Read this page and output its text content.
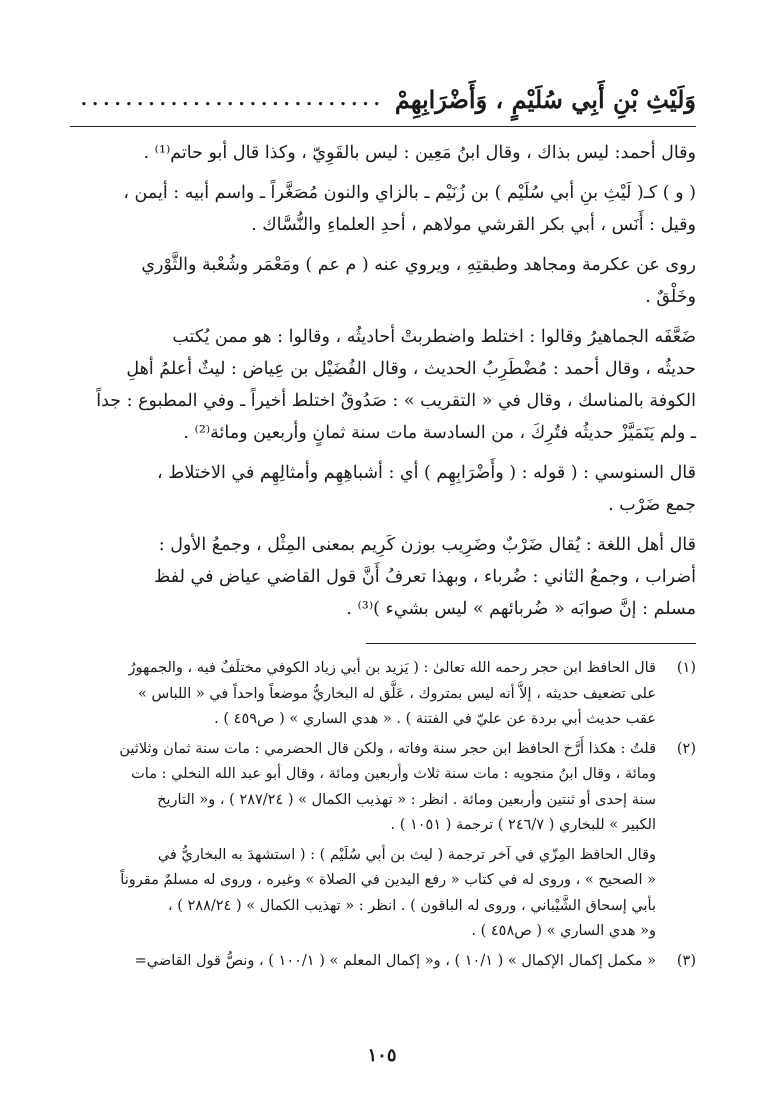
وَلَيْثِ بْنِ أَبِي سُلَيْمٍ ، وَأَضْرَابِهِمْ
...........................

وقال أحمد: ليس بذاك ، وقال ابنُ مَعِين : ليس بالقَوِيّ ، وكذا قال أبو حاتم⁽¹⁾ .

( و ) كـ( لَيْثِ بنِ أبي سُلَيْم ) بن زُنَيْم ـ بالزاي والنون مُصَغَّراً ـ واسم أبيه : أيمن ،
وقيل : أَنَس ، أبي بكر القرشي مولاهم ، أحدِ العلماءِ والنُّسَّاك .

روى عن عكرمة ومجاهد وطبقتِهِ ، ويروي عنه ( م عم ) ومَعْمَر وشُعْبة والثَّوْري
وخَلْقٌ .

ضَعَّفَه الجماهيرُ وقالوا : اختلط واضطربتْ أحاديثُه ، وقالوا : هو ممن يُكتب
حديثُه ، وقال أحمد : مُضْطَرِبُ الحديث ، وقال الفُضَيْل بن عِياض : ليثٌ أعلمُ أهلِ
الكوفة بالمناسك ، وقال في « التقريب » : صَدُوقٌ اختلط أخيراً ـ وفي المطبوع : جداً
ـ ولم يَتَمَيَّزْ حديثُه فتُرِكَ ، من السادسة مات سنة ثمانٍ وأربعين ومائة⁽²⁾ .

قال السنوسي : ( قوله : ( وأَضْرَابِهِم ) أي : أشباهِهِم وأمثالِهِم في الاختلاط ،
جمع ضَرْب .

قال أهل اللغة : يُقال ضَرْبٌ وضَرِيب بوزن كَرِيم بمعنى المِثْل ، وجمعُ الأول :
أضراب ، وجمعُ الثاني : ضُرباء ، وبهذا تعرفُ أَنَّ قول القاضي عياض في لفظ
مسلم : إنَّ صوابَه « ضُربائهم » ليس بشيء )⁽³⁾ .

(١)
قال الحافظ ابن حجر رحمه الله تعالىٰ : ( يَزيد بن أبي زياد الكوفي مختلَفٌ فيه ، والجمهورُ
على تضعيف حديثه ، إلاَّ أنه ليس بمتروك ، عَلَّق له البخاريُّ موضعاً واحداً في « اللباس »
عقب حديث أبي بردة عن عليّ في الفتنة ) . « هدي الساري » ( ص٤٥٩ ) .
(٢)
قلتُ : هكذا أَرَّخ الحافظ ابن حجر سنة وفاته ، ولكن قال الحضرمي : مات سنة ثمان وثلاثين
ومائة ، وقال ابنُ منجويه : مات سنة ثلاث وأربعين ومائة ، وقال أبو عبد الله النخلي : مات
سنة إحدى أو ثنتين وأربعين ومائة . انظر : « تهذيب الكمال » ( ٢٨٧/٢٤ ) ، و« التاريخ
الكبير » للبخاري ( ٢٤٦/٧ ) ترجمة ( ١٠٥١ ) .
وقال الحافظ المِزّي في آخر ترجمة ( ليث بن أبي سُلَيْم ) : ( استشهدَ به البخاريُّ في
« الصحيح » ، وروى له في كتاب « رفع اليدين في الصلاة » وغيره ، وروى له مسلمٌ مقروناً
بأبي إسحاق الشَّيْباني ، وروى له الباقون ) . انظر : « تهذيب الكمال » ( ٢٨٨/٢٤ ) ،
و« هدي الساري » ( ص٤٥٨ ) .
(٣)
« مكمل إكمال الإكمال » ( ١٠/١ ) ، و« إكمال المعلم » ( ١٠٠/١ ) ، ونصُّ قول القاضي=
١٠٥
